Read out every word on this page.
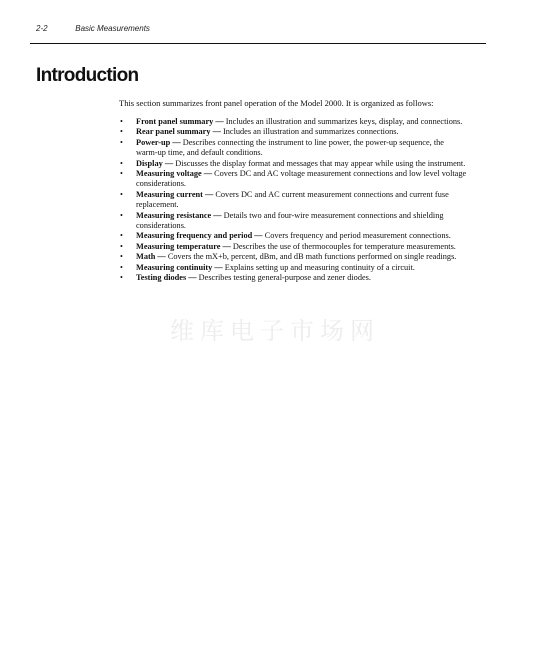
2-2	Basic Measurements
Introduction

This section summarizes front panel operation of the Model 2000. It is organized as follows:

• Front panel summary — Includes an illustration and summarizes keys, display, and connections.
• Rear panel summary — Includes an illustration and summarizes connections.
• Power-up — Describes connecting the instrument to line power, the power-up sequence, the warm-up time, and default conditions.
• Display — Discusses the display format and messages that may appear while using the instrument.
• Measuring voltage — Covers DC and AC voltage measurement connections and low level voltage considerations.
• Measuring current — Covers DC and AC current measurement connections and current fuse replacement.
• Measuring resistance — Details two and four-wire measurement connections and shielding considerations.
• Measuring frequency and period — Covers frequency and period measurement connections.
• Measuring temperature — Describes the use of thermocouples for temperature measurements.
• Math — Covers the mX+b, percent, dBm, and dB math functions performed on single readings.
• Measuring continuity — Explains setting up and measuring continuity of a circuit.
• Testing diodes — Describes testing general-purpose and zener diodes.
维库电子市场网
